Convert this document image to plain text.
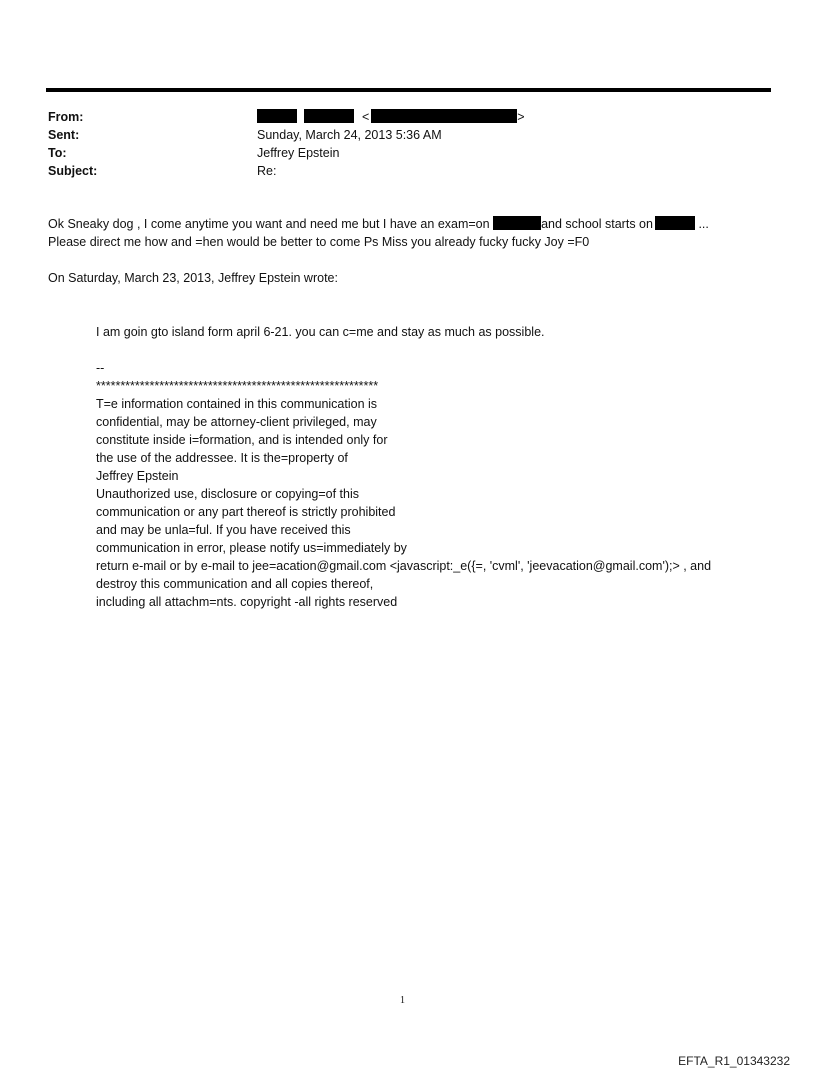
From:	<	>
Sent:	Sunday, March 24, 2013 5:36 AM
To:	Jeffrey Epstein
Subject:	Re:

Ok Sneaky dog , I come anytime you want and need me but I have an exam=on	and school starts on	...

Please direct me how and =hen would be better to come Ps Miss you already fucky fucky Joy =F0

On Saturday, March 23, 2013, Jeffrey Epstein wrote:

I am goin gto island form april 6-21. you can c=me and stay as much as possible.

--

**********************************************************

T=e information contained in this communication is

confidential, may be attorney-client privileged, may

constitute inside i=formation, and is intended only for

the use of the addressee. It is the=property of

Jeffrey Epstein

Unauthorized use, disclosure or copying=of this

communication or any part thereof is strictly prohibited

and may be unla=ful. If you have received this

communication in error, please notify us=immediately by

return e-mail or by e-mail to jee=acation@gmail.com <javascript:_e({=, 'cvml', 'jeevacation@gmail.com');> , and

destroy this communication and all copies thereof,

including all attachm=nts. copyright -all rights reserved

1
EFTA_R1_01343232
